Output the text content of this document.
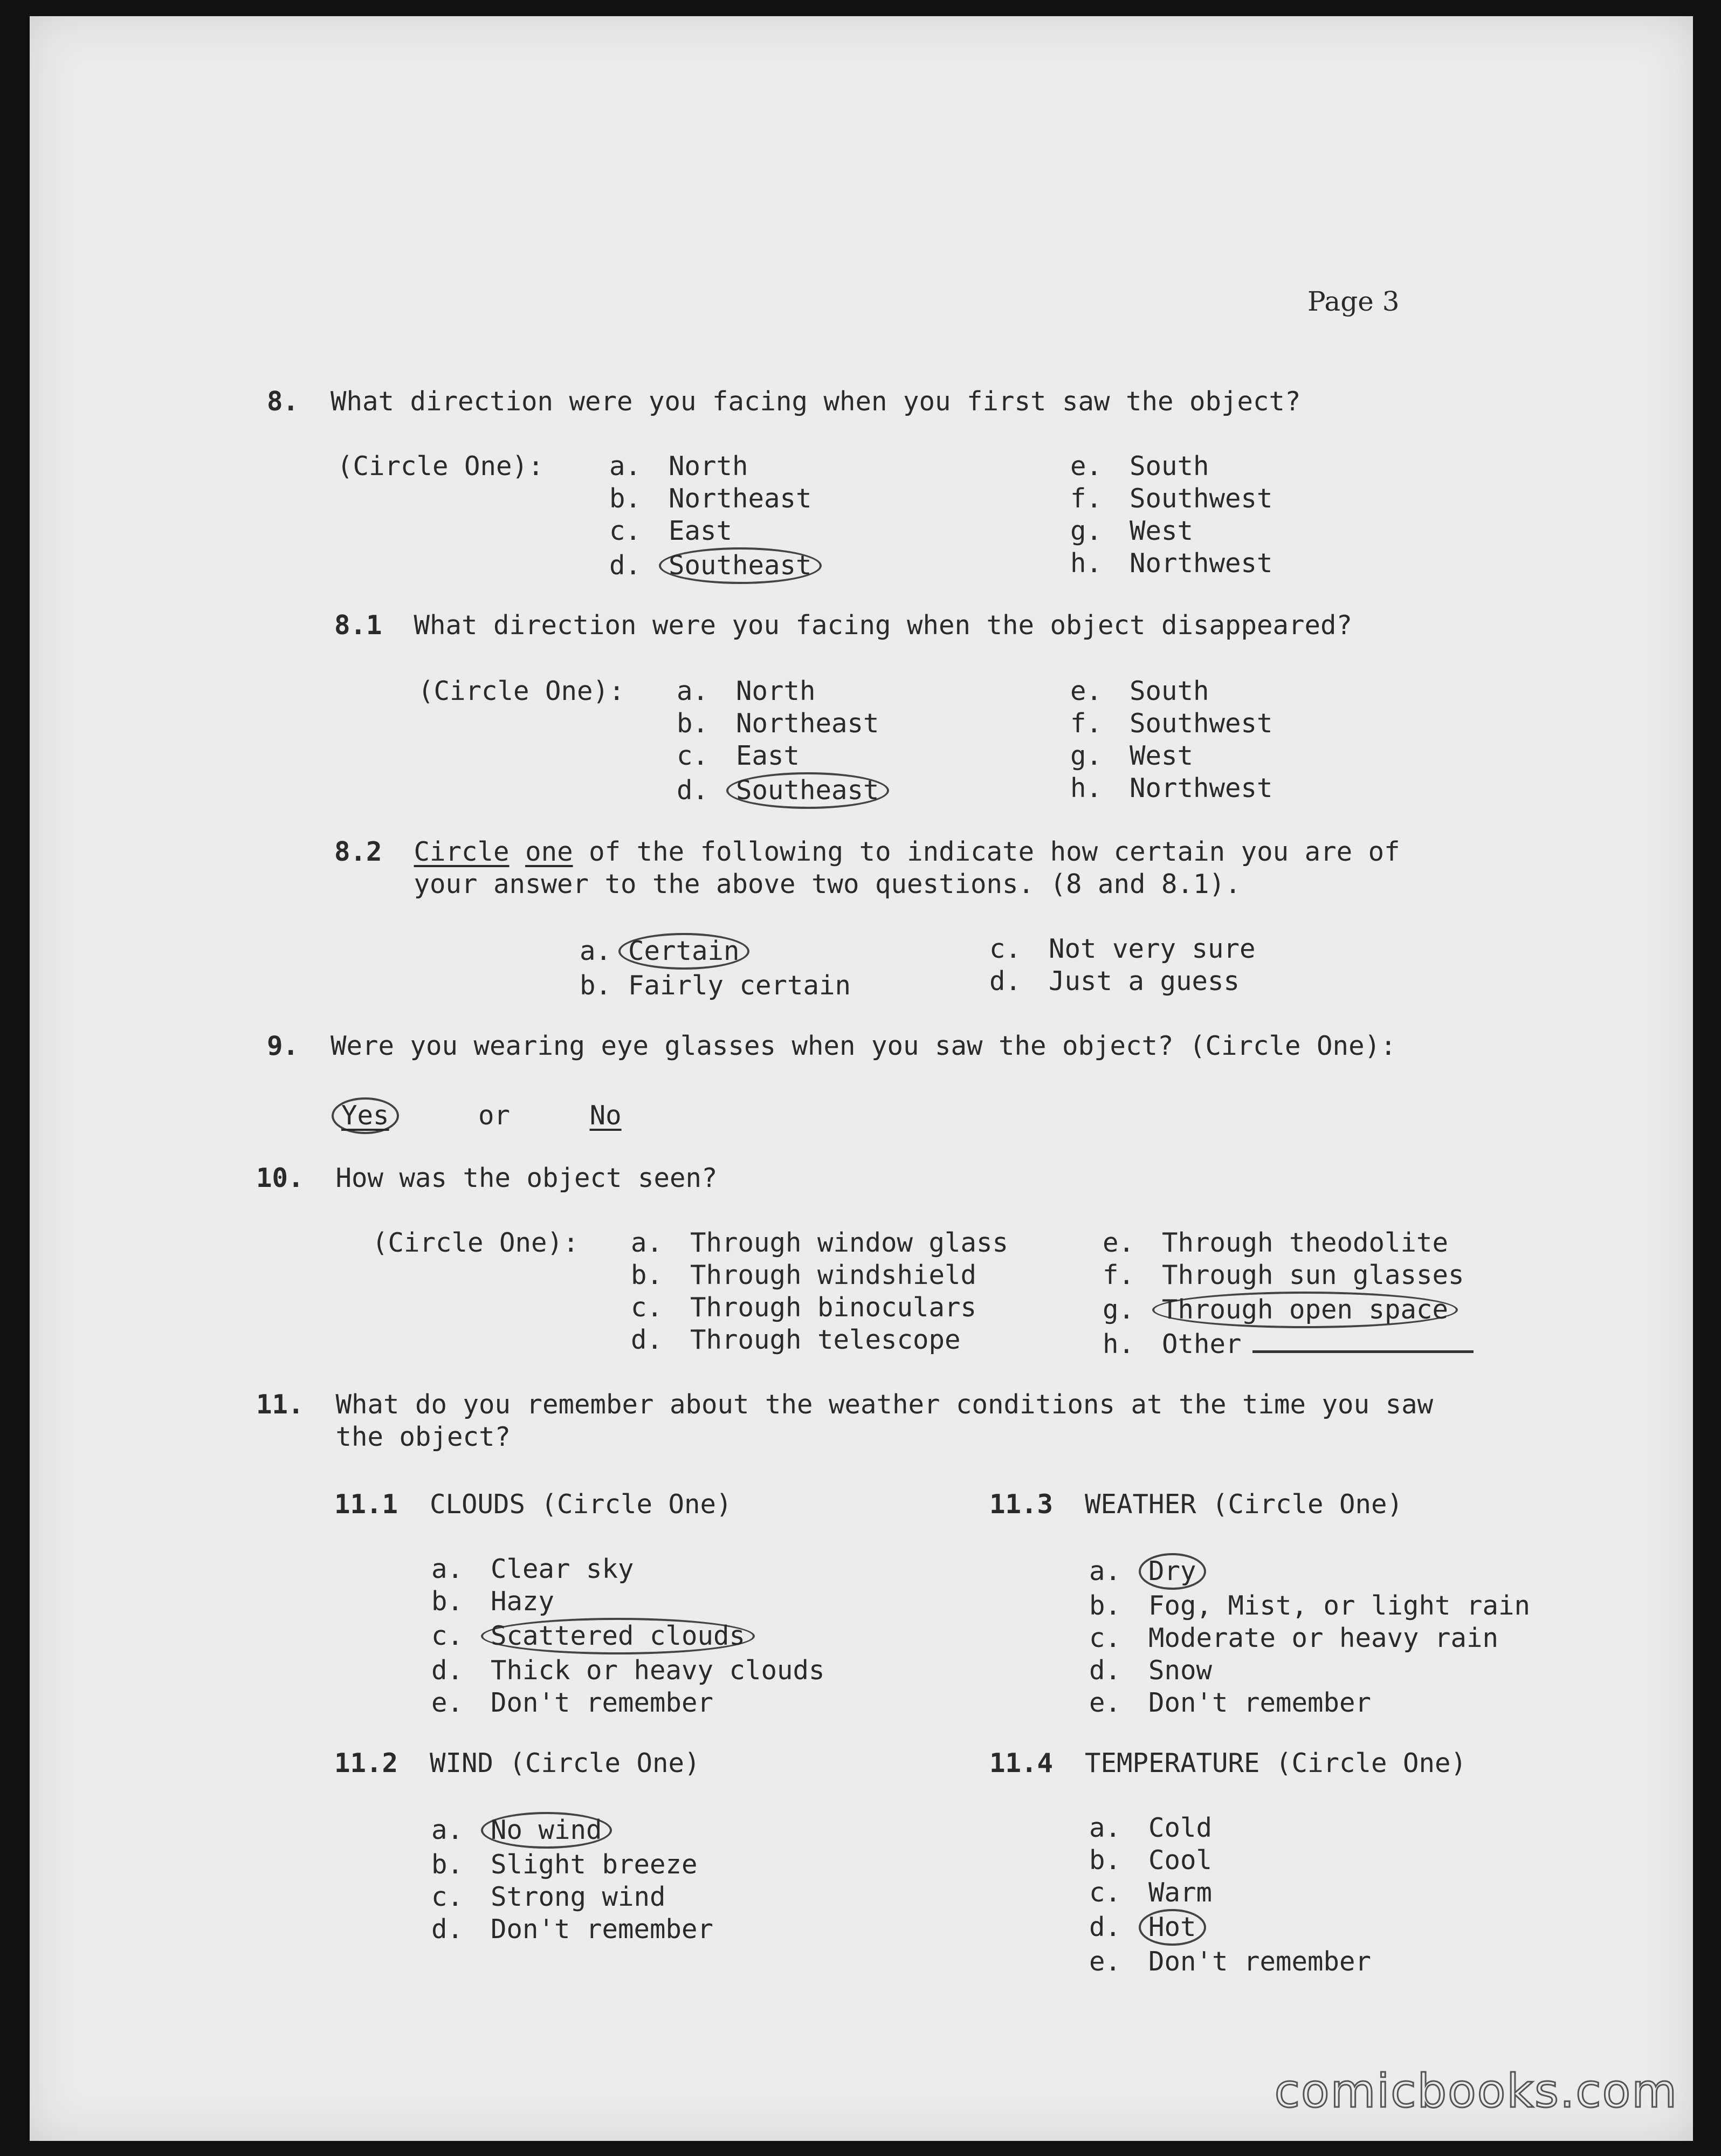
Page 3
8. What direction were you facing when you first saw the object?
(Circle One): a. North
b. Northeast
c. East
d. Southeast
e. South
f. Southwest
g. West
h. Northwest
8.1 What direction were you facing when the object disappeared?
(Circle One): a. North
b. Northeast
c. East
d. Southeast
e. South
f. Southwest
g. West
h. Northwest
8.2 Circle one of the following to indicate how certain you are of
your answer to the above two questions. (8 and 8.1).
a. Certain
b. Fairly certain
c. Not very sure
d. Just a guess
9. Were you wearing eye glasses when you saw the object? (Circle One):
Yes	or	No
10. How was the object seen?
(Circle One): a. Through window glass
b. Through windshield
c. Through binoculars
d. Through telescope
e. Through theodolite
f. Through sun glasses
g. Through open space
h. Other
11. What do you remember about the weather conditions at the time you saw
the object?
11.1 CLOUDS (Circle One)
a. Clear sky
b. Hazy
c. Scattered clouds
d. Thick or heavy clouds
e. Don't remember
11.2 WIND (Circle One)
a. No wind
b. Slight breeze
c. Strong wind
d. Don't remember
11.3 WEATHER (Circle One)
a. Dry
b. Fog, Mist, or light rain
c. Moderate or heavy rain
d. Snow
e. Don't remember
11.4 TEMPERATURE (Circle One)
a. Cold
b. Cool
c. Warm
d. Hot
e. Don't remember
comicbooks.com
